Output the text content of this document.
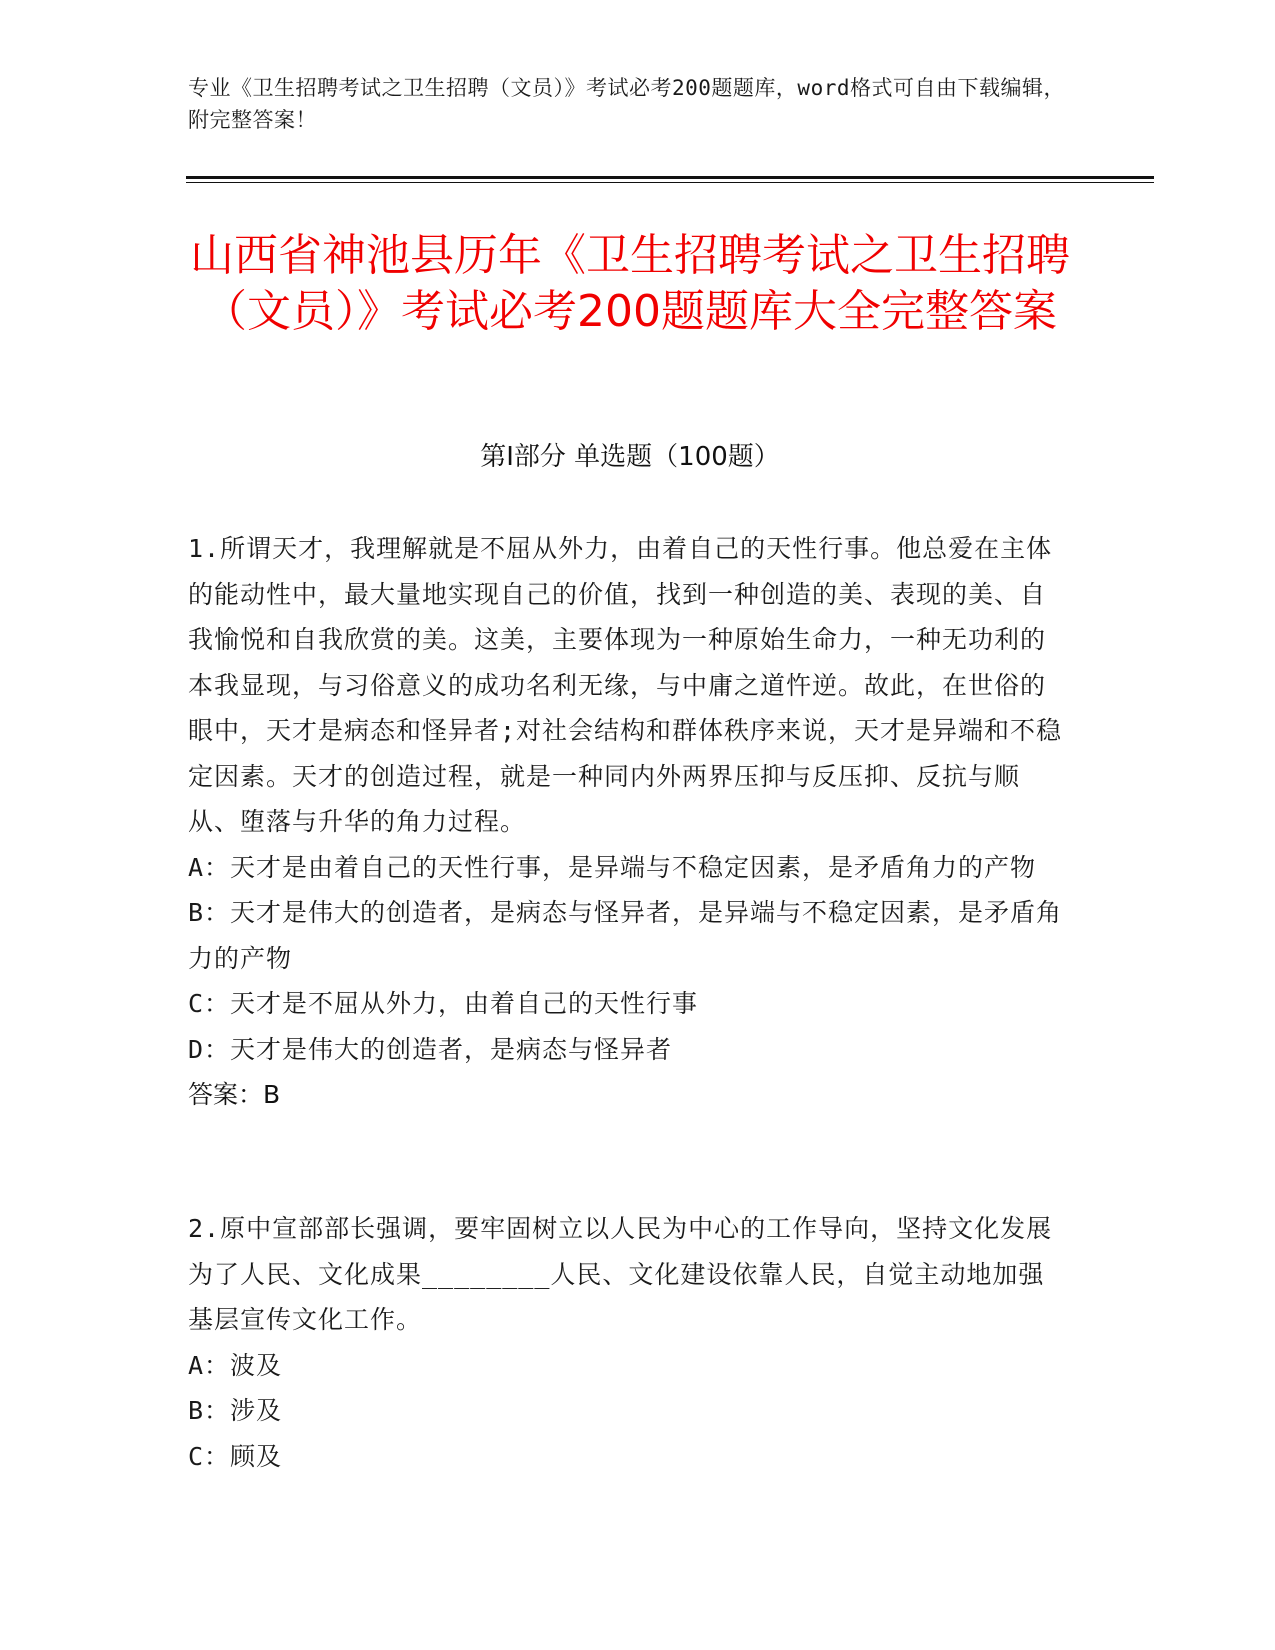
专业《卫生招聘考试之卫生招聘（文员）》考试必考200题题库，word格式可自由下载编辑，附完整答案！
山西省神池县历年《卫生招聘考试之卫生招聘（文员）》考试必考200题题库大全完整答案
第I部分 单选题（100题）

1.所谓天才，我理解就是不屈从外力，由着自己的天性行事。他总爱在主体的能动性中，最大量地实现自己的价值，找到一种创造的美、表现的美、自我愉悦和自我欣赏的美。这美，主要体现为一种原始生命力，一种无功利的本我显现，与习俗意义的成功名利无缘，与中庸之道忤逆。故此，在世俗的眼中，天才是病态和怪异者;对社会结构和群体秩序来说，天才是异端和不稳定因素。天才的创造过程，就是一种同内外两界压抑与反压抑、反抗与顺从、堕落与升华的角力过程。

A：天才是由着自己的天性行事，是异端与不稳定因素，是矛盾角力的产物

B：天才是伟大的创造者，是病态与怪异者，是异端与不稳定因素，是矛盾角力的产物

C：天才是不屈从外力，由着自己的天性行事

D：天才是伟大的创造者，是病态与怪异者

答案：B

2.原中宣部部长强调，要牢固树立以人民为中心的工作导向，坚持文化发展为了人民、文化成果________人民、文化建设依靠人民，自觉主动地加强基层宣传文化工作。

A：波及

B：涉及

C：顾及
